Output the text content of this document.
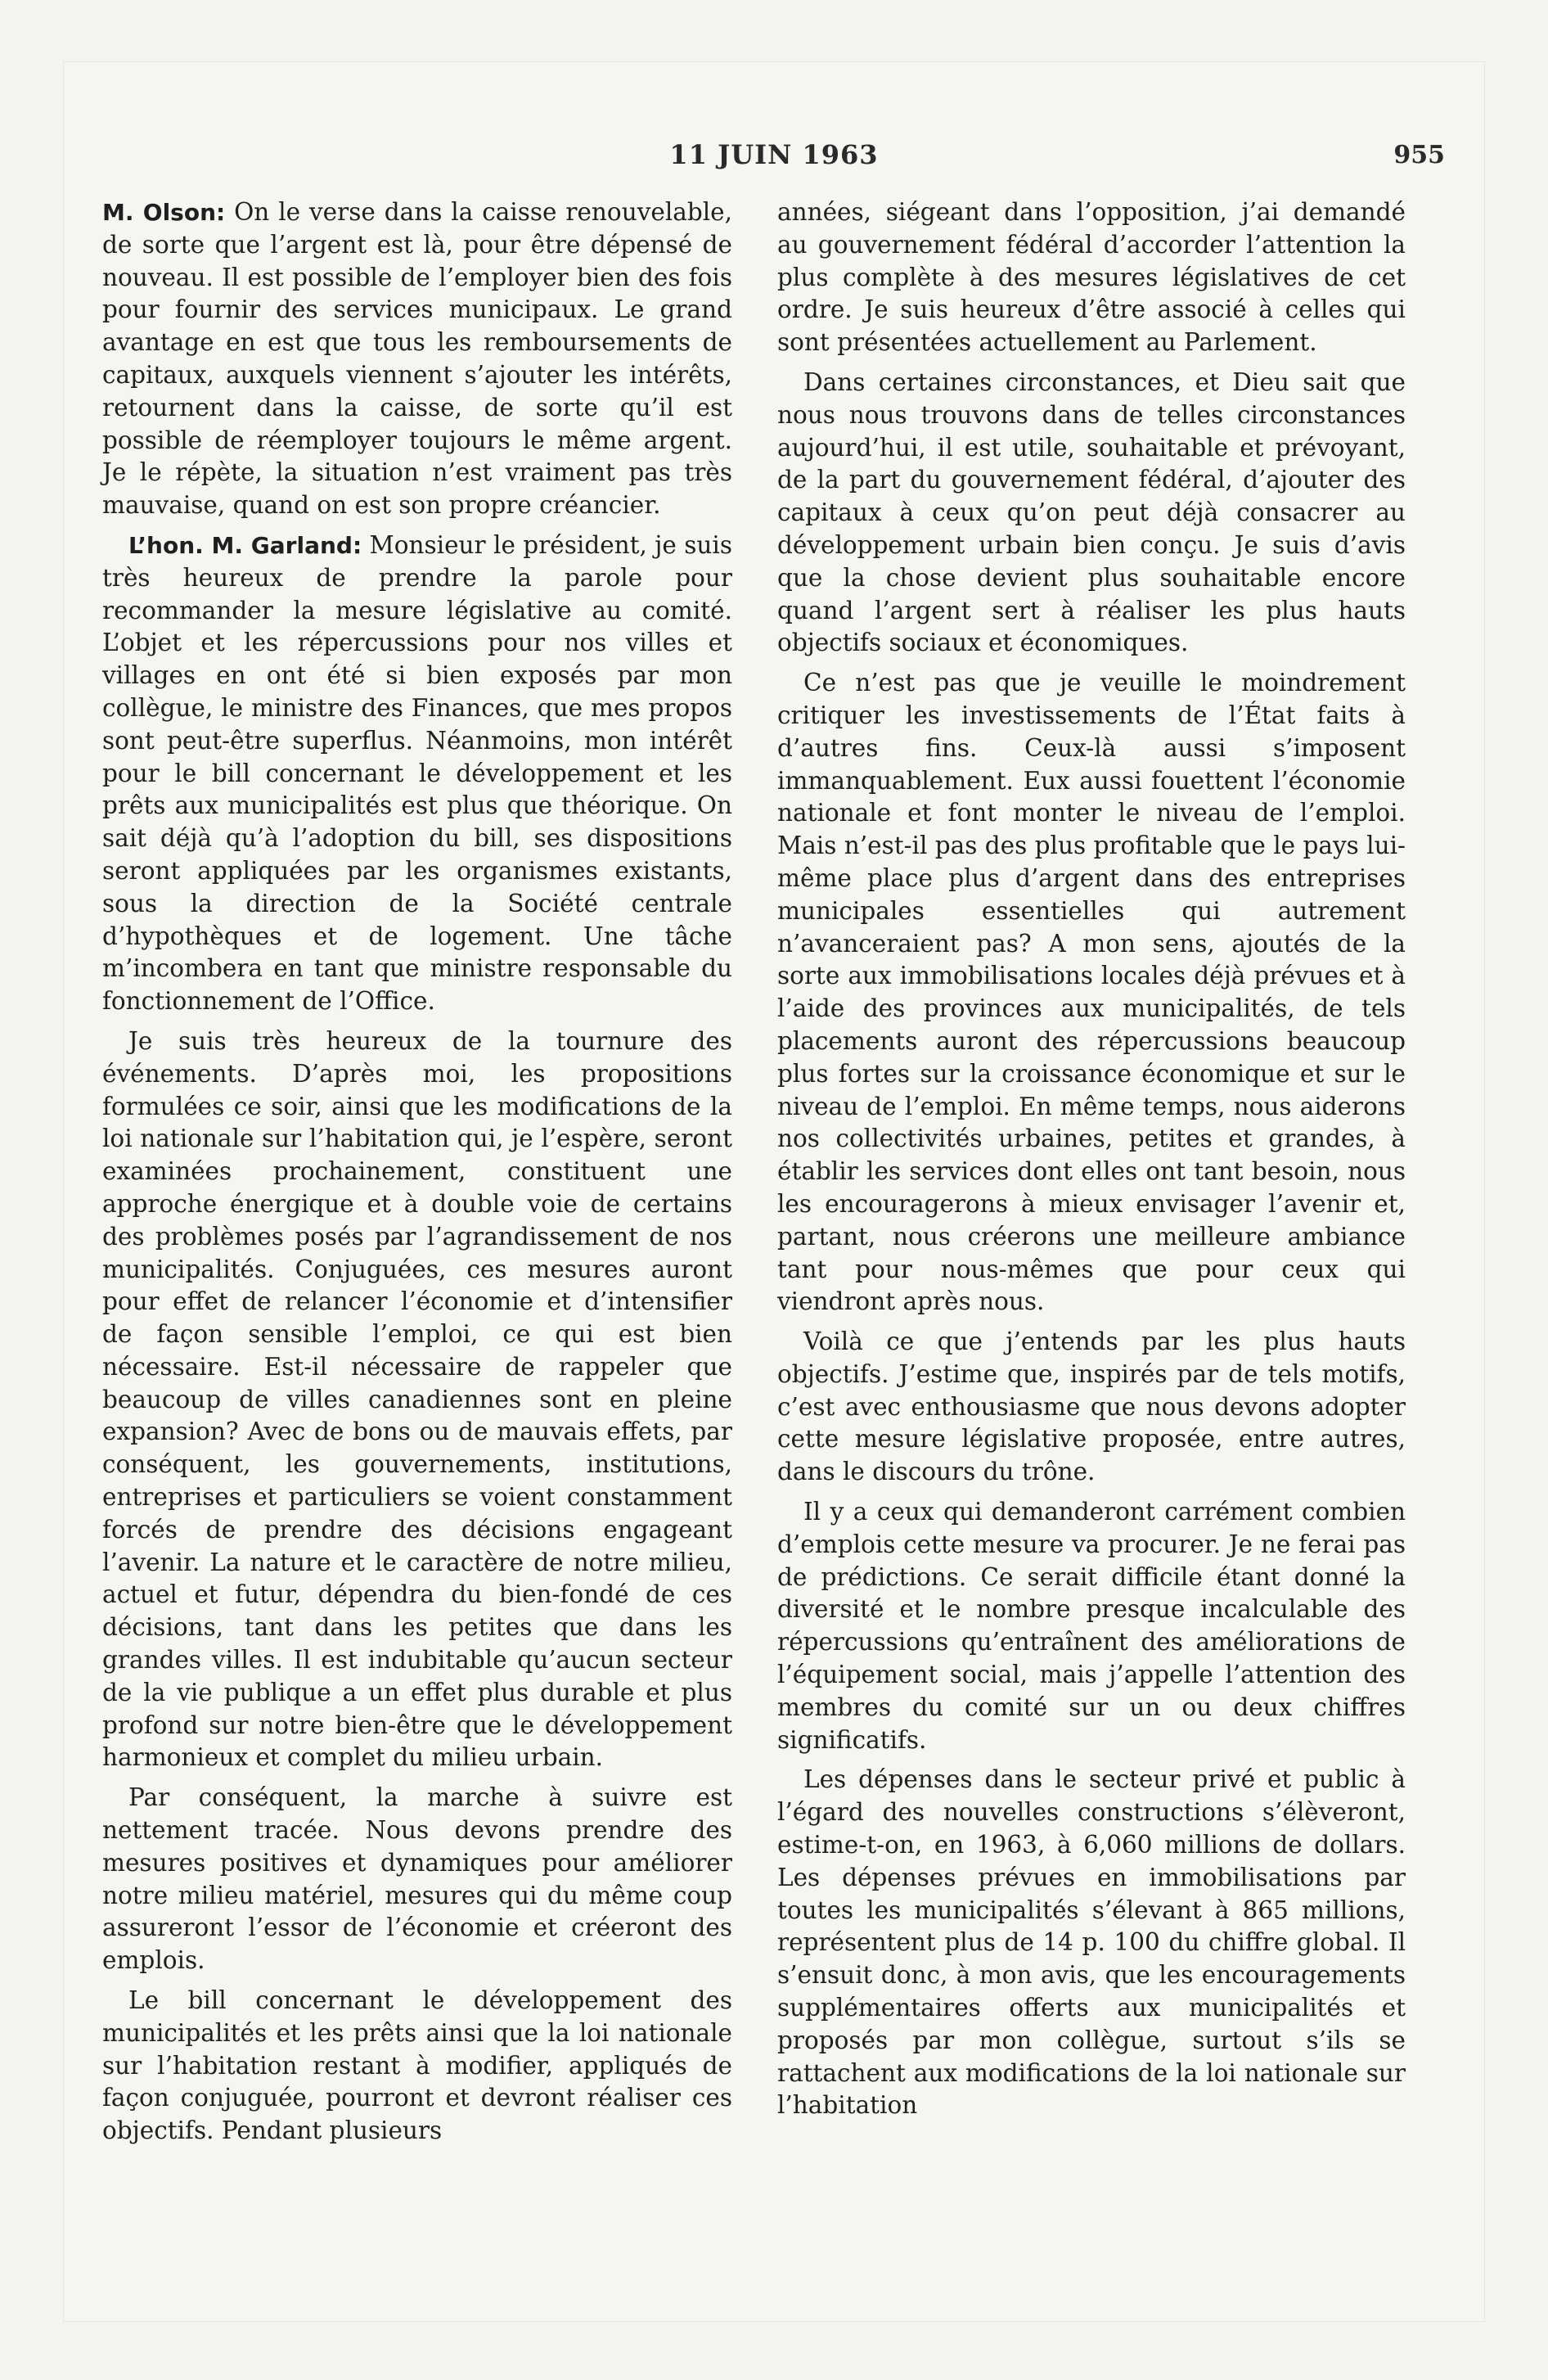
11 JUIN 1963	955

M. Olson: On le verse dans la caisse renouvelable, de sorte que l’argent est là, pour être dépensé de nouveau. Il est possible de l’employer bien des fois pour fournir des services municipaux. Le grand avantage en est que tous les remboursements de capitaux, auxquels viennent s’ajouter les intérêts, retournent dans la caisse, de sorte qu’il est possible de réemployer toujours le même argent. Je le répète, la situation n’est vraiment pas très mauvaise, quand on est son propre créancier.

L’hon. M. Garland: Monsieur le président, je suis très heureux de prendre la parole pour recommander la mesure législative au comité. L’objet et les répercussions pour nos villes et villages en ont été si bien exposés par mon collègue, le ministre des Finances, que mes propos sont peut-être superflus. Néanmoins, mon intérêt pour le bill concernant le développement et les prêts aux municipalités est plus que théorique. On sait déjà qu’à l’adoption du bill, ses dispositions seront appliquées par les organismes existants, sous la direction de la Société centrale d’hypothèques et de logement. Une tâche m’incombera en tant que ministre responsable du fonctionnement de l’Office.

Je suis très heureux de la tournure des événements. D’après moi, les propositions formulées ce soir, ainsi que les modifications de la loi nationale sur l’habitation qui, je l’espère, seront examinées prochainement, constituent une approche énergique et à double voie de certains des problèmes posés par l’agrandissement de nos municipalités. Conjuguées, ces mesures auront pour effet de relancer l’économie et d’intensifier de façon sensible l’emploi, ce qui est bien nécessaire. Est-il nécessaire de rappeler que beaucoup de villes canadiennes sont en pleine expansion? Avec de bons ou de mauvais effets, par conséquent, les gouvernements, institutions, entreprises et particuliers se voient constamment forcés de prendre des décisions engageant l’avenir. La nature et le caractère de notre milieu, actuel et futur, dépendra du bien-fondé de ces décisions, tant dans les petites que dans les grandes villes. Il est indubitable qu’aucun secteur de la vie publique a un effet plus durable et plus profond sur notre bien-être que le développement harmonieux et complet du milieu urbain.

Par conséquent, la marche à suivre est nettement tracée. Nous devons prendre des mesures positives et dynamiques pour améliorer notre milieu matériel, mesures qui du même coup assureront l’essor de l’économie et créeront des emplois.

Le bill concernant le développement des municipalités et les prêts ainsi que la loi nationale sur l’habitation restant à modifier, appliqués de façon conjuguée, pourront et devront réaliser ces objectifs. Pendant plusieurs

années, siégeant dans l’opposition, j’ai demandé au gouvernement fédéral d’accorder l’attention la plus complète à des mesures législatives de cet ordre. Je suis heureux d’être associé à celles qui sont présentées actuellement au Parlement.

Dans certaines circonstances, et Dieu sait que nous nous trouvons dans de telles circonstances aujourd’hui, il est utile, souhaitable et prévoyant, de la part du gouvernement fédéral, d’ajouter des capitaux à ceux qu’on peut déjà consacrer au développement urbain bien conçu. Je suis d’avis que la chose devient plus souhaitable encore quand l’argent sert à réaliser les plus hauts objectifs sociaux et économiques.

Ce n’est pas que je veuille le moindrement critiquer les investissements de l’État faits à d’autres fins. Ceux-là aussi s’imposent immanquablement. Eux aussi fouettent l’économie nationale et font monter le niveau de l’emploi. Mais n’est-il pas des plus profitable que le pays lui-même place plus d’argent dans des entreprises municipales essentielles qui autrement n’avanceraient pas? A mon sens, ajoutés de la sorte aux immobilisations locales déjà prévues et à l’aide des provinces aux municipalités, de tels placements auront des répercussions beaucoup plus fortes sur la croissance économique et sur le niveau de l’emploi. En même temps, nous aiderons nos collectivités urbaines, petites et grandes, à établir les services dont elles ont tant besoin, nous les encouragerons à mieux envisager l’avenir et, partant, nous créerons une meilleure ambiance tant pour nous-mêmes que pour ceux qui viendront après nous.

Voilà ce que j’entends par les plus hauts objectifs. J’estime que, inspirés par de tels motifs, c’est avec enthousiasme que nous devons adopter cette mesure législative proposée, entre autres, dans le discours du trône.

Il y a ceux qui demanderont carrément combien d’emplois cette mesure va procurer. Je ne ferai pas de prédictions. Ce serait difficile étant donné la diversité et le nombre presque incalculable des répercussions qu’entraînent des améliorations de l’équipement social, mais j’appelle l’attention des membres du comité sur un ou deux chiffres significatifs.

Les dépenses dans le secteur privé et public à l’égard des nouvelles constructions s’élèveront, estime-t-on, en 1963, à 6,060 millions de dollars. Les dépenses prévues en immobilisations par toutes les municipalités s’élevant à 865 millions, représentent plus de 14 p. 100 du chiffre global. Il s’ensuit donc, à mon avis, que les encouragements supplémentaires offerts aux municipalités et proposés par mon collègue, surtout s’ils se rattachent aux modifications de la loi nationale sur l’habitation
